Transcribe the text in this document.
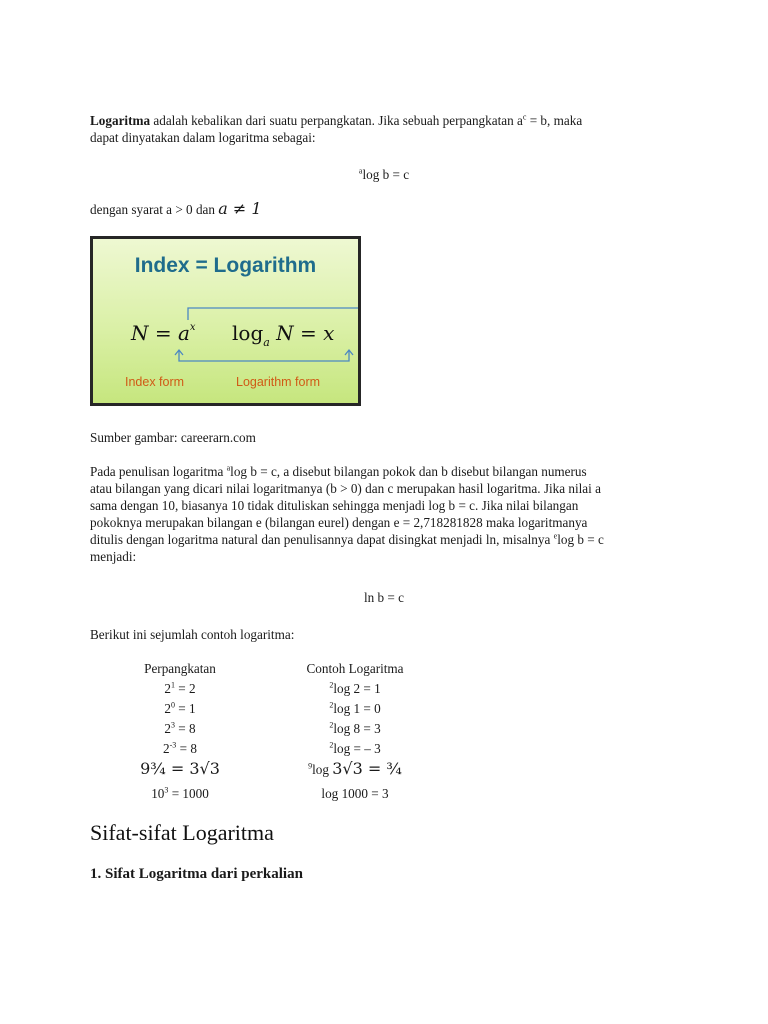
Logaritma adalah kebalikan dari suatu perpangkatan. Jika sebuah perpangkatan $a^c = b$, maka
dapat dinyatakan dalam logaritma sebagai:
$^a$log b = c
dengan syarat a > 0 dan a ≠ 1
Index = Logarithm
$N = a^x$ $\log_a N = x$
Index form	Logarithm form
Sumber gambar: careerarn.com
Pada penulisan logaritma $^a$log b = c, a disebut bilangan pokok dan b disebut bilangan numerus
atau bilangan yang dicari nilai logaritmanya (b > 0) dan c merupakan hasil logaritma. Jika nilai a
sama dengan 10, biasanya 10 tidak dituliskan sehingga menjadi log b = c. Jika nilai bilangan
pokoknya merupakan bilangan e (bilangan eurel) dengan e = 2,718281828 maka logaritmanya
ditulis dengan logaritma natural dan penulisannya dapat disingkat menjadi ln, misalnya $^e$log b = c
menjadi:
ln b = c
Berikut ini sejumlah contoh logaritma:
Perpangkatan	Contoh Logaritma
$2^1 = 2$	$^2$log 2 = 1
$2^0 = 1$	$^2$log 1 = 0
$2^3 = 8$	$^2$log 8 = 3
$2^{-3} = 8$	$^2$log = – 3
9¾ = 3√3	$^9$log 3√3 = ¾
$10^3 = 1000$	log 1000 = 3
Sifat-sifat Logaritma
1. Sifat Logaritma dari perkalian
